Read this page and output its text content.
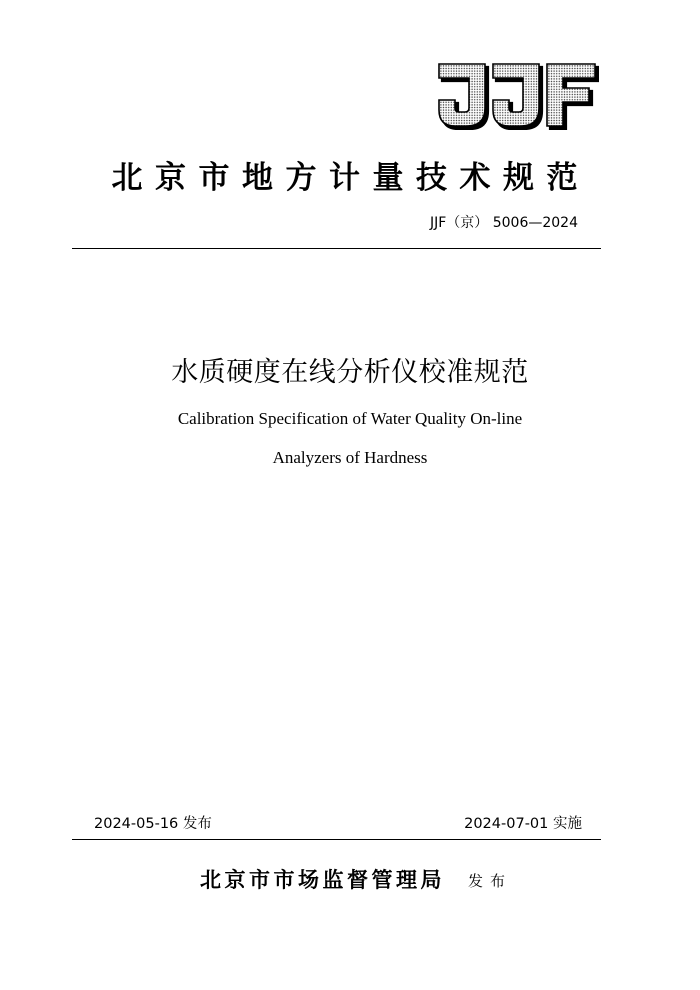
北京市地方计量技术规范
JJF（京） 5006—2024
水质硬度在线分析仪校准规范
Calibration Specification of Water Quality On-line
Analyzers of Hardness
2024-05-16 发布	2024-07-01 实施
北京市市场监督管理局 发布
